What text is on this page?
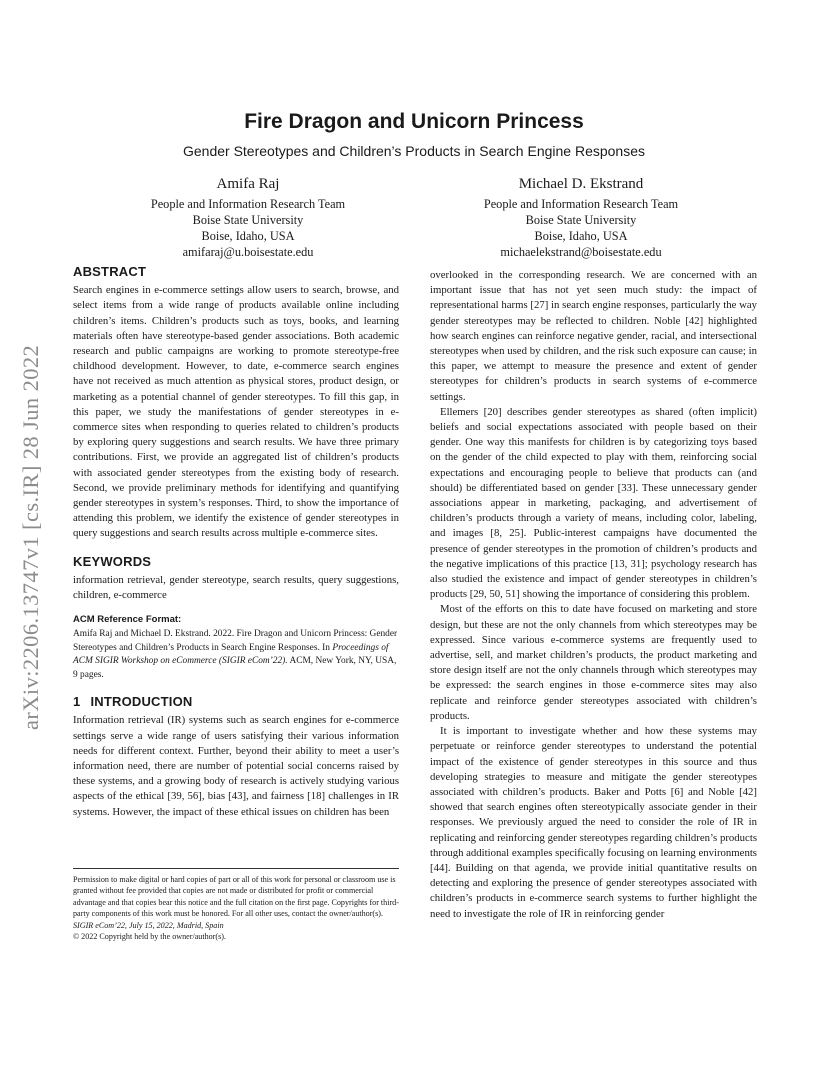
arXiv:2206.13747v1 [cs.IR] 28 Jun 2022
Fire Dragon and Unicorn Princess
Gender Stereotypes and Children’s Products in Search Engine Responses
Amifa Raj
People and Information Research Team
Boise State University
Boise, Idaho, USA
amifaraj@u.boisestate.edu
Michael D. Ekstrand
People and Information Research Team
Boise State University
Boise, Idaho, USA
michaelekstrand@boisestate.edu
ABSTRACT

Search engines in e-commerce settings allow users to search, browse, and select items from a wide range of products available online including children’s items. Children’s products such as toys, books, and learning materials often have stereotype-based gender associations. Both academic research and public campaigns are working to promote stereotype-free childhood development. However, to date, e-commerce search engines have not received as much attention as physical stores, product design, or marketing as a potential channel of gender stereotypes. To fill this gap, in this paper, we study the manifestations of gender stereotypes in e-commerce sites when responding to queries related to children’s products by exploring query suggestions and search results. We have three primary contributions. First, we provide an aggregated list of children’s products with associated gender stereotypes from the existing body of research. Second, we provide preliminary methods for identifying and quantifying gender stereotypes in system’s responses. Third, to show the importance of attending this problem, we identify the existence of gender stereotypes in query suggestions and search results across multiple e-commerce sites.

KEYWORDS

information retrieval, gender stereotype, search results, query suggestions, children, e-commerce

ACM Reference Format:

Amifa Raj and Michael D. Ekstrand. 2022. Fire Dragon and Unicorn Princess: Gender Stereotypes and Children’s Products in Search Engine Responses. In Proceedings of ACM SIGIR Workshop on eCommerce (SIGIR eCom’22). ACM, New York, NY, USA, 9 pages.

1 INTRODUCTION

Information retrieval (IR) systems such as search engines for e-commerce settings serve a wide range of users satisfying their various information needs for different context. Further, beyond their ability to meet a user’s information need, there are number of potential social concerns raised by these systems, and a growing body of research is actively studying various aspects of the ethical [39, 56], bias [43], and fairness [18] challenges in IR systems. However, the impact of these ethical issues on children has been

Permission to make digital or hard copies of part or all of this work for personal or classroom use is granted without fee provided that copies are not made or distributed for profit or commercial advantage and that copies bear this notice and the full citation on the first page. Copyrights for third-party components of this work must be honored. For all other uses, contact the owner/author(s).

SIGIR eCom’22, July 15, 2022, Madrid, Spain

© 2022 Copyright held by the owner/author(s).

overlooked in the corresponding research. We are concerned with an important issue that has not yet seen much study: the impact of representational harms [27] in search engine responses, particularly the way gender stereotypes may be reflected to children. Noble [42] highlighted how search engines can reinforce negative gender, racial, and intersectional stereotypes when used by children, and the risk such exposure can cause; in this paper, we attempt to measure the presence and extent of gender stereotypes for children’s products in search systems of e-commerce settings.

Ellemers [20] describes gender stereotypes as shared (often implicit) beliefs and social expectations associated with people based on their gender. One way this manifests for children is by categorizing toys based on the gender of the child expected to play with them, reinforcing social expectations and encouraging people to believe that products can (and should) be differentiated based on gender [33]. These unnecessary gender associations appear in marketing, packaging, and advertisement of children’s products through a variety of means, including color, labeling, and images [8, 25]. Public-interest campaigns have documented the presence of gender stereotypes in the promotion of children’s products and the negative implications of this practice [13, 31]; psychology research has also studied the existence and impact of gender stereotypes in children’s products [29, 50, 51] showing the importance of considering this problem.

Most of the efforts on this to date have focused on marketing and store design, but these are not the only channels from which stereotypes may be expressed. Since various e-commerce systems are frequently used to advertise, sell, and market children’s products, the product marketing and store design itself are not the only channels through which stereotypes may be expressed: the search engines in those e-commerce sites may also replicate and reinforce gender stereotypes associated with children’s products.

It is important to investigate whether and how these systems may perpetuate or reinforce gender stereotypes to understand the potential impact of the existence of gender stereotypes in this source and thus developing strategies to measure and mitigate the gender stereotypes associated with children’s products. Baker and Potts [6] and Noble [42] showed that search engines often stereotypically associate gender in their responses. We previously argued the need to consider the role of IR in replicating and reinforcing gender stereotypes regarding children’s products through additional examples specifically focusing on learning environments [44]. Building on that agenda, we provide initial quantitative results on detecting and exploring the presence of gender stereotypes associated with children’s products in e-commerce search systems to further highlight the need to investigate the role of IR in reinforcing gender
